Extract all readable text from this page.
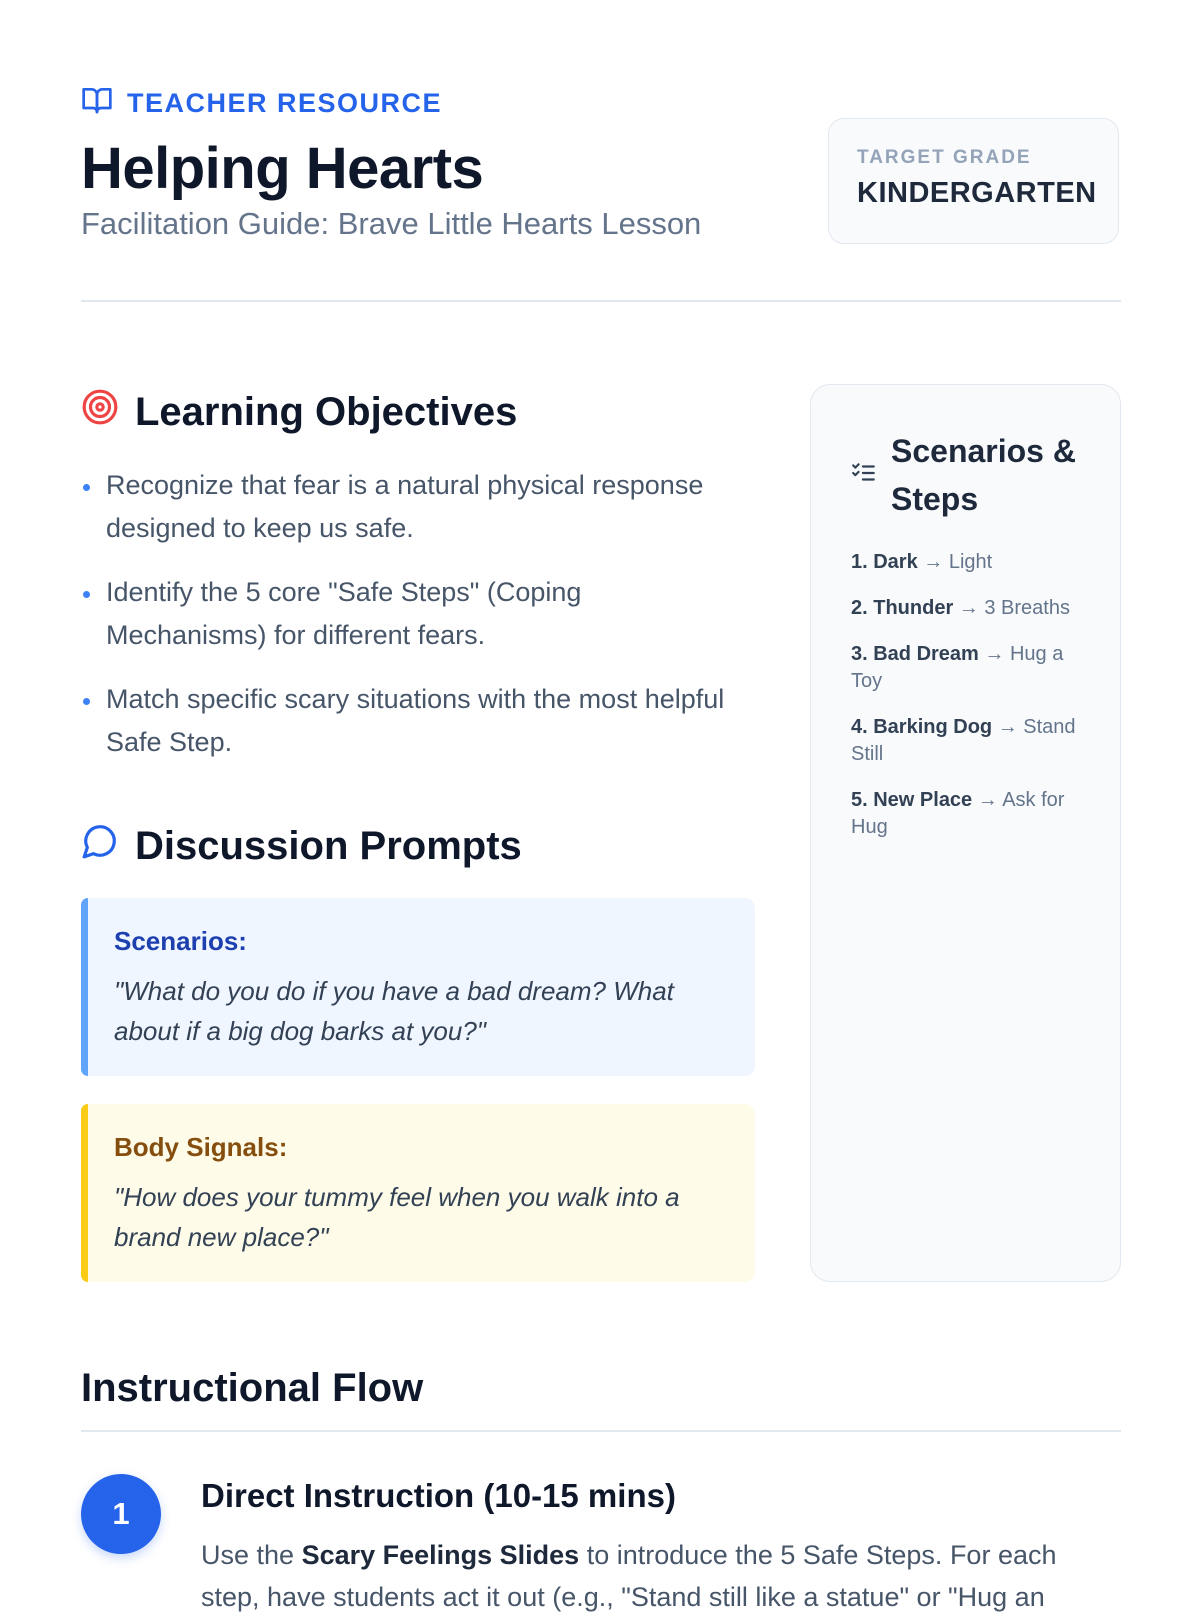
TEACHER RESOURCE
Helping Hearts
Facilitation Guide: Brave Little Hearts Lesson
TARGET GRADE
KINDERGARTEN
Learning Objectives
Recognize that fear is a natural physical response designed to keep us safe.
Identify the 5 core "Safe Steps" (Coping Mechanisms) for different fears.
Match specific scary situations with the most helpful Safe Step.
Discussion Prompts
Scenarios:
"What do you do if you have a bad dream? What about if a big dog barks at you?"
Body Signals:
"How does your tummy feel when you walk into a brand new place?"
Scenarios & Steps
1. Dark → Light
2. Thunder → 3 Breaths
3. Bad Dream → Hug a Toy
4. Barking Dog → Stand Still
5. New Place → Ask for Hug
Instructional Flow
1	Direct Instruction (10-15 mins)
Use the Scary Feelings Slides to introduce the 5 Safe Steps. For each step, have students act it out (e.g., "Stand still like a statue" or "Hug an
